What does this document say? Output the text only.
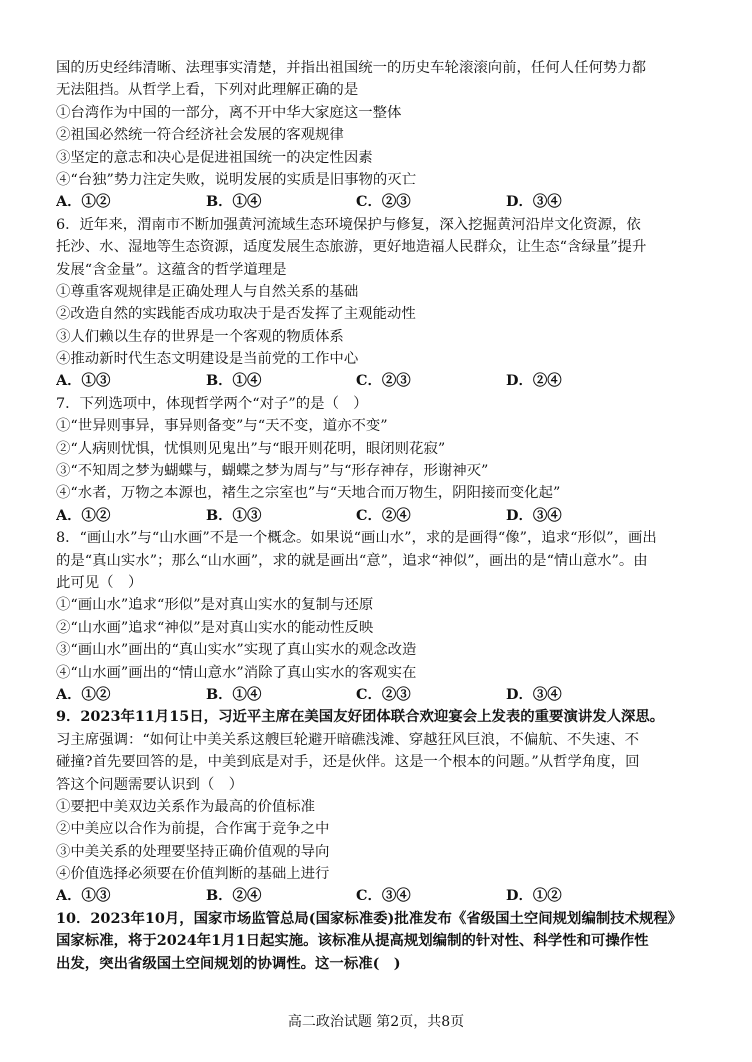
国的历史经纬清晰、法理事实清楚，并指出祖国统一的历史车轮滚滚向前，任何人任何势力都
无法阻挡。从哲学上看，下列对此理解正确的是
①台湾作为中国的一部分，离不开中华大家庭这一整体
②祖国必然统一符合经济社会发展的客观规律
③坚定的意志和决心是促进祖国统一的决定性因素
④“台独”势力注定失败，说明发展的实质是旧事物的灭亡
A．①②	B．①④	C．②③	D．③④
6．近年来，渭南市不断加强黄河流域生态环境保护与修复，深入挖掘黄河沿岸文化资源，依
托沙、水、湿地等生态资源，适度发展生态旅游，更好地造福人民群众，让生态“含绿量”提升
发展“含金量”。这蕴含的哲学道理是
①尊重客观规律是正确处理人与自然关系的基础
②改造自然的实践能否成功取决于是否发挥了主观能动性
③人们赖以生存的世界是一个客观的物质体系
④推动新时代生态文明建设是当前党的工作中心
A．①③	B．①④	C．②③	D．②④
7．下列选项中，体现哲学两个“对子”的是（　）
①“世异则事异，事异则备变”与“天不变，道亦不变”
②“人病则忧惧，忧惧则见鬼出”与“眼开则花明，眼闭则花寂”
③“不知周之梦为蝴蝶与，蝴蝶之梦为周与”与“形存神存，形谢神灭”
④“水者，万物之本源也，褚生之宗室也”与“天地合而万物生，阴阳接而变化起”
A．①②	B．①③	C．②④	D．③④
8．“画山水”与“山水画”不是一个概念。如果说“画山水”，求的是画得“像”，追求“形似”，画出
的是“真山实水”；那么“山水画”，求的就是画出“意”，追求“神似”，画出的是“情山意水”。由
此可见（　）
①“画山水”追求“形似”是对真山实水的复制与还原
②“山水画”追求“神似”是对真山实水的能动性反映
③“画山水”画出的“真山实水”实现了真山实水的观念改造
④“山水画”画出的“情山意水”消除了真山实水的客观实在
A．①②	B．①④	C．②③	D．③④
9．2023年11月15日，习近平主席在美国友好团体联合欢迎宴会上发表的重要演讲发人深思。
习主席强调：“如何让中美关系这艘巨轮避开暗礁浅滩、穿越狂风巨浪，不偏航、不失速、不
碰撞?首先要回答的是，中美到底是对手，还是伙伴。这是一个根本的问题。”从哲学角度，回
答这个问题需要认识到（　）
①要把中美双边关系作为最高的价值标准
②中美应以合作为前提，合作寓于竞争之中
③中美关系的处理要坚持正确价值观的导向
④价值选择必须要在价值判断的基础上进行
A．①③	B．②④	C．③④	D．①②
10．2023年10月，国家市场监管总局(国家标准委)批准发布《省级国土空间规划编制技术规程》
国家标准，将于2024年1月1日起实施。该标准从提高规划编制的针对性、科学性和可操作性
出发，突出省级国土空间规划的协调性。这一标准(　)
高二政治试题 第2页，共8页
